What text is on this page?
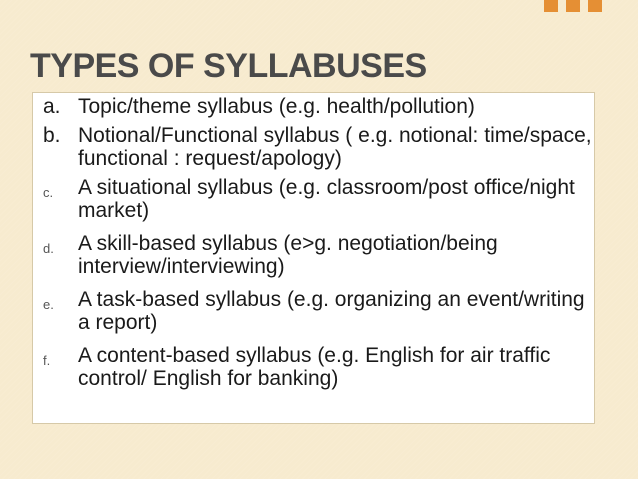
TYPES OF SYLLABUSES
a. Topic/theme syllabus (e.g. health/pollution)
b. Notional/Functional syllabus ( e.g. notional: time/space, functional : request/apology)
c. A situational syllabus (e.g. classroom/post office/night market)
d. A skill-based syllabus (e>g. negotiation/being interview/interviewing)
e. A task-based syllabus (e.g. organizing an event/writing a report)
f. A content-based syllabus (e.g. English for air traffic control/ English for banking)
